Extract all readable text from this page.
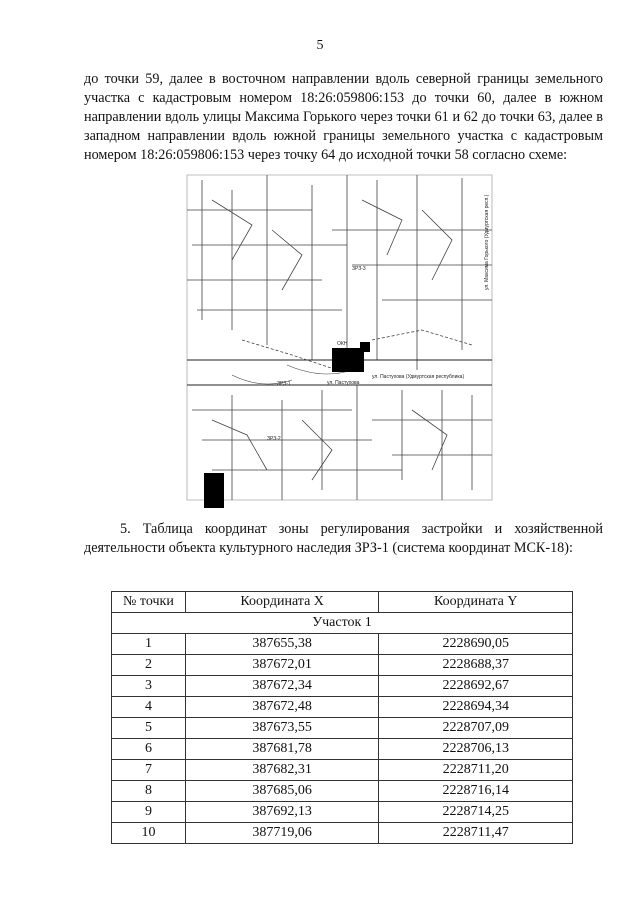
5

до точки 59, далее в восточном направлении вдоль северной границы земельного участка с кадастровым номером 18:26:059806:153 до точки 60, далее в южном направлении вдоль улицы Максима Горького через точки 61 и 62 до точки 63, далее в западном направлении вдоль южной границы земельного участка с кадастровым номером 18:26:059806:153 через точку 64 до исходной точки 58 согласно схеме:

ул. Пастухова
ул. Пастухова (Удмуртская республика)
ЗРЗ-1
ЗРЗ-2
ЗРЗ-3
ОКН
ул. Максима Горького (Удмуртская респ.)

5. Таблица координат зоны регулирования застройки и хозяйственной деятельности объекта культурного наследия ЗРЗ-1 (система координат МСК-18):

№ точки	Координата X	Координата Y
Участок 1		
1	387655,38	2228690,05
2	387672,01	2228688,37
3	387672,34	2228692,67
4	387672,48	2228694,34
5	387673,55	2228707,09
6	387681,78	2228706,13
7	387682,31	2228711,20
8	387685,06	2228716,14
9	387692,13	2228714,25
10	387719,06	2228711,47
